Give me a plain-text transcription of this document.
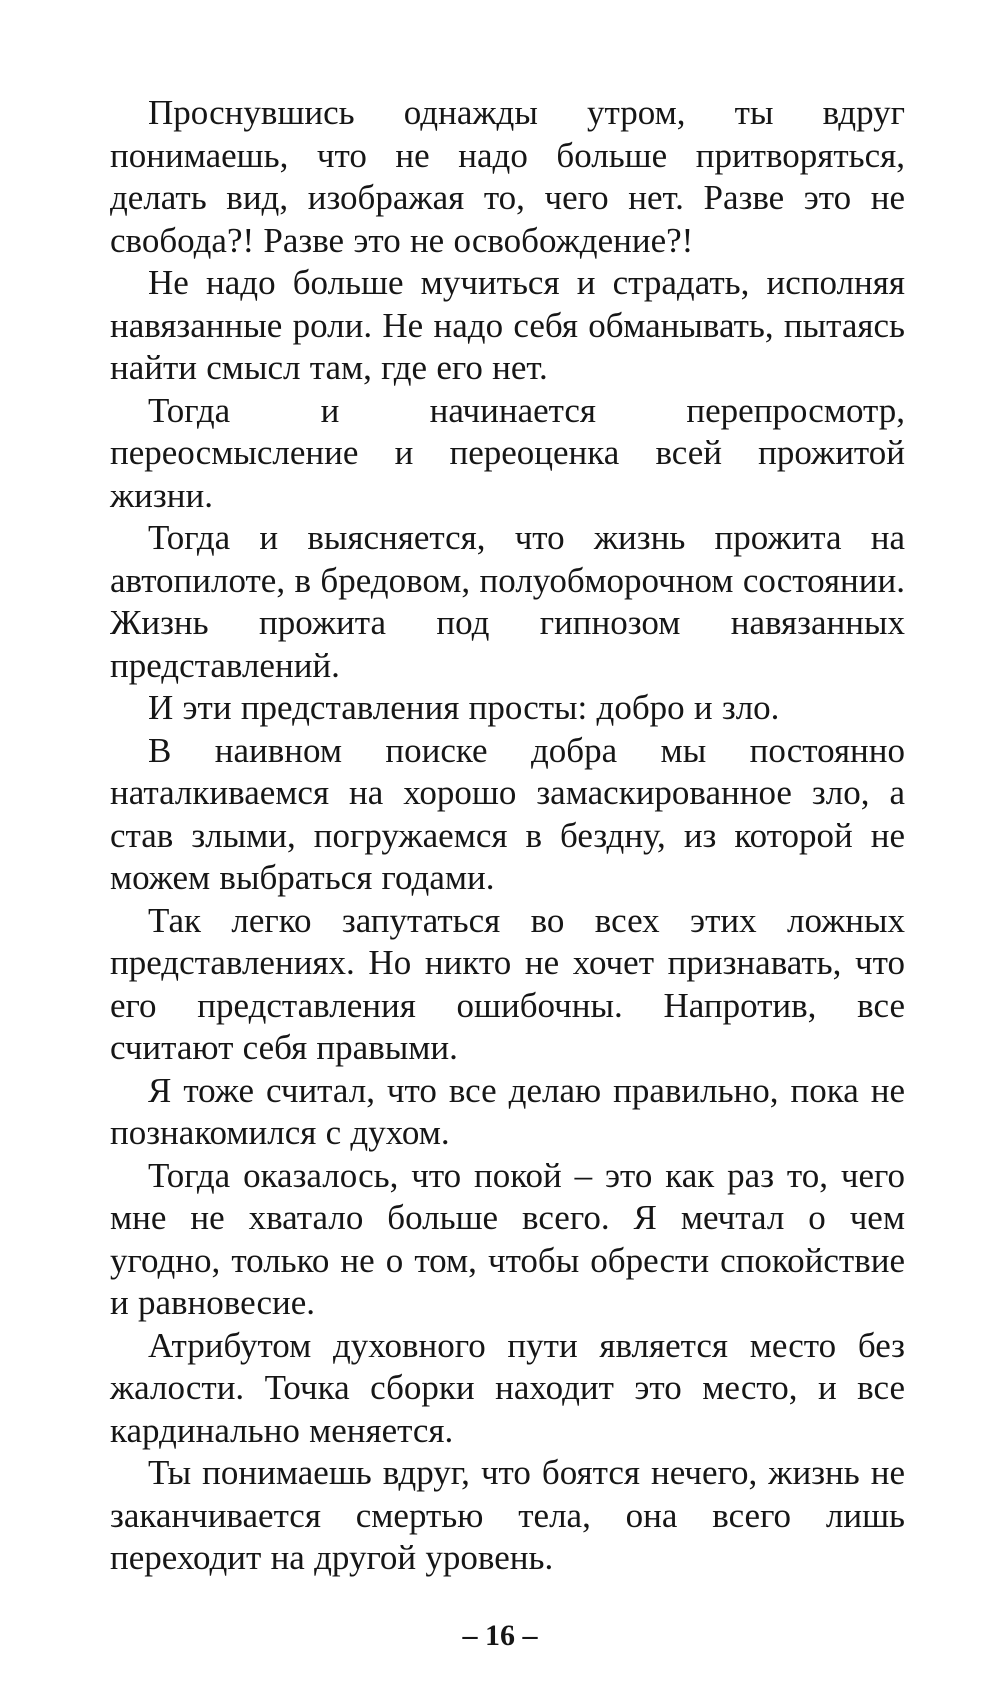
Проснувшись однажды утром, ты вдруг понимаешь, что не надо больше притворяться, делать вид, изображая то, чего нет. Разве это не свобода?! Разве это не освобождение?!

Не надо больше мучиться и страдать, исполняя навязанные роли. Не надо себя обманывать, пытаясь найти смысл там, где его нет.

Тогда и начинается перепросмотр, переосмысление и переоценка всей прожитой жизни.

Тогда и выясняется, что жизнь прожита на автопилоте, в бредовом, полуобморочном состоянии. Жизнь прожита под гипнозом навязанных представлений.

И эти представления просты: добро и зло.

В наивном поиске добра мы постоянно наталкиваемся на хорошо замаскированное зло, а став злыми, погружаемся в бездну, из которой не можем выбраться годами.

Так легко запутаться во всех этих ложных представлениях. Но никто не хочет признавать, что его представления ошибочны. Напротив, все считают себя правыми.

Я тоже считал, что все делаю правильно, пока не познакомился с духом.

Тогда оказалось, что покой – это как раз то, чего мне не хватало больше всего. Я мечтал о чем угодно, только не о том, чтобы обрести спокойствие и равновесие.

Атрибутом духовного пути является место без жалости. Точка сборки находит это место, и все кардинально меняется.

Ты понимаешь вдруг, что боятся нечего, жизнь не заканчивается смертью тела, она всего лишь переходит на другой уровень.

– 16 –
